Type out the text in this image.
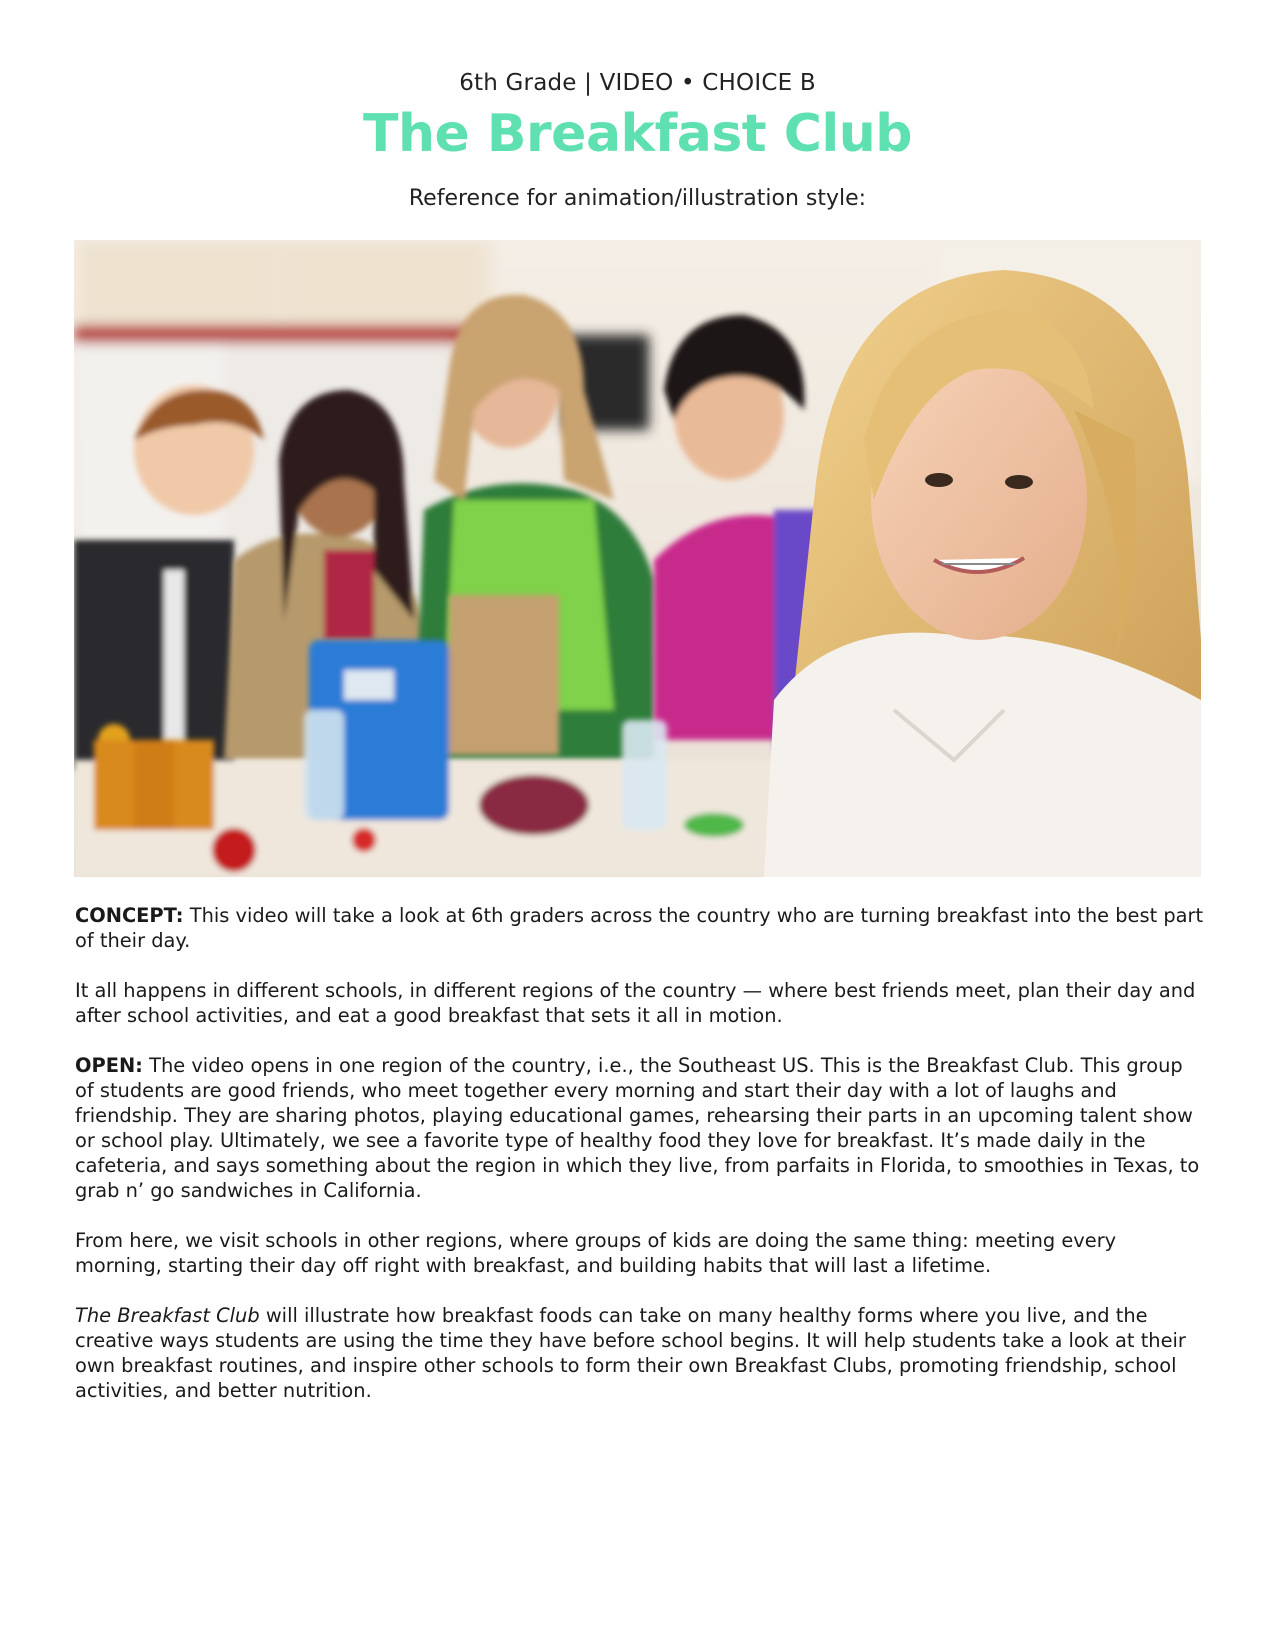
6th Grade | VIDEO • CHOICE B
The Breakfast Club
Reference for animation/illustration style:

CONCEPT: This video will take a look at 6th graders across the country who are turning breakfast into the best part of their day.

It all happens in different schools, in different regions of the country — where best friends meet, plan their day and after school activities, and eat a good breakfast that sets it all in motion.

OPEN: The video opens in one region of the country, i.e., the Southeast US. This is the Breakfast Club. This group of students are good friends, who meet together every morning and start their day with a lot of laughs and friendship. They are sharing photos, playing educational games, rehearsing their parts in an upcoming talent show or school play. Ultimately, we see a favorite type of healthy food they love for breakfast. It’s made daily in the cafeteria, and says something about the region in which they live, from parfaits in Florida, to smoothies in Texas, to grab n’ go sandwiches in California.

From here, we visit schools in other regions, where groups of kids are doing the same thing: meeting every morning, starting their day off right with breakfast, and building habits that will last a lifetime.

The Breakfast Club will illustrate how breakfast foods can take on many healthy forms where you live, and the creative ways students are using the time they have before school begins. It will help students take a look at their own breakfast routines, and inspire other schools to form their own Breakfast Clubs, promoting friendship, school activities, and better nutrition.
